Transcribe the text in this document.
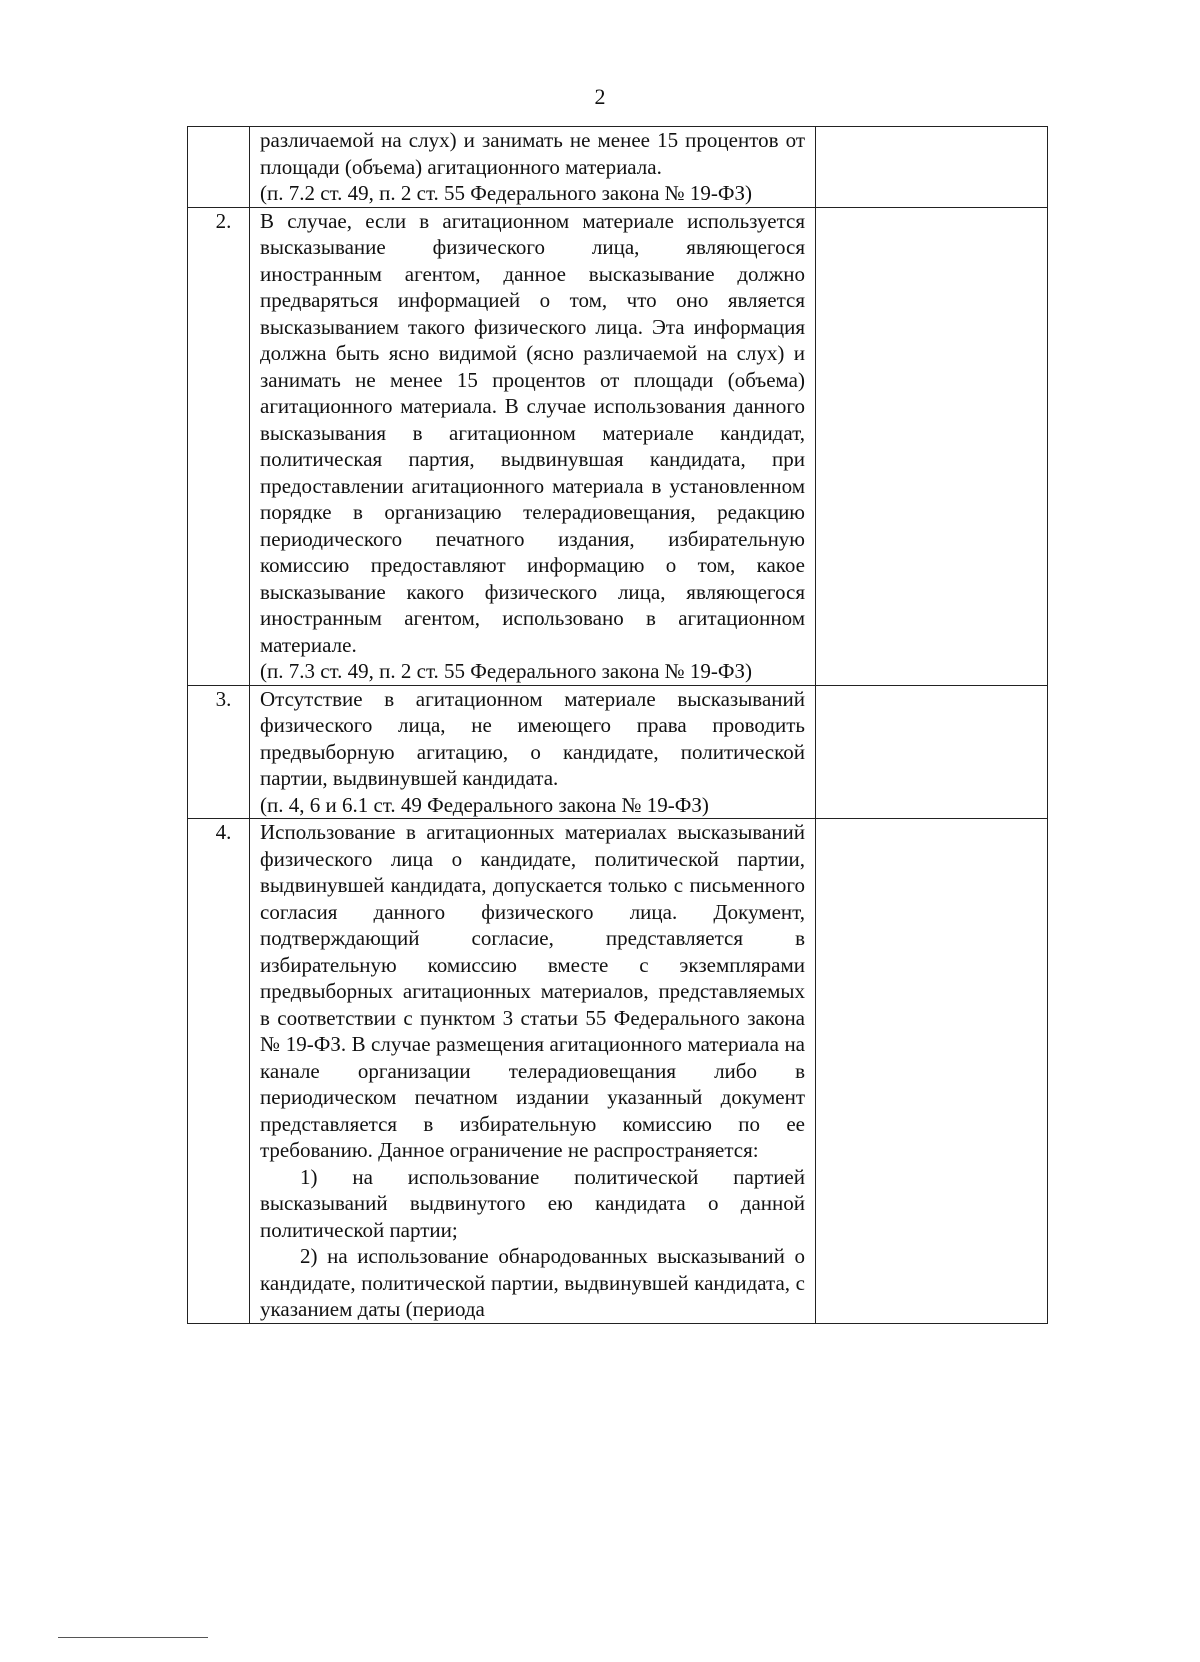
2

	различаемой на слух) и занимать не менее 15 процентов от площади (объема) агитационного материала.

(п. 7.2 ст. 49, п. 2 ст. 55 Федерального закона № 19-ФЗ)	

2.	В случае, если в агитационном материале используется высказывание физического лица, являющегося иностранным агентом, данное высказывание должно предваряться информацией о том, что оно является высказыванием такого физического лица. Эта информация должна быть ясно видимой (ясно различаемой на слух) и занимать не менее 15 процентов от площади (объема) агитационного материала. В случае использования данного высказывания в агитационном материале кандидат, политическая партия, выдвинувшая кандидата, при предоставлении агитационного материала в установленном порядке в организацию телерадиовещания, редакцию периодического печатного издания, избирательную комиссию предоставляют информацию о том, какое высказывание какого физического лица, являющегося иностранным агентом, использовано в агитационном материале.

(п. 7.3 ст. 49, п. 2 ст. 55 Федерального закона № 19-ФЗ)	

3.	Отсутствие в агитационном материале высказываний физического лица, не имеющего права проводить предвыборную агитацию, о кандидате, политической партии, выдвинувшей кандидата.

(п. 4, 6 и 6.1 ст. 49 Федерального закона № 19-ФЗ)	

4.	Использование в агитационных материалах высказываний физического лица о кандидате, политической партии, выдвинувшей кандидата, допускается только с письменного согласия данного физического лица. Документ, подтверждающий согласие, представляется в избирательную комиссию вместе с экземплярами предвыборных агитационных материалов, представляемых в соответствии с пунктом 3 статьи 55 Федерального закона № 19-ФЗ. В случае размещения агитационного материала на канале организации телерадиовещания либо в периодическом печатном издании указанный документ представляется в избирательную комиссию по ее требованию. Данное ограничение не распространяется:

1) на использование политической партией высказываний выдвинутого ею кандидата о данной политической партии;

2) на использование обнародованных высказываний о кандидате, политической партии, выдвинувшей кандидата, с указанием даты (периода	
